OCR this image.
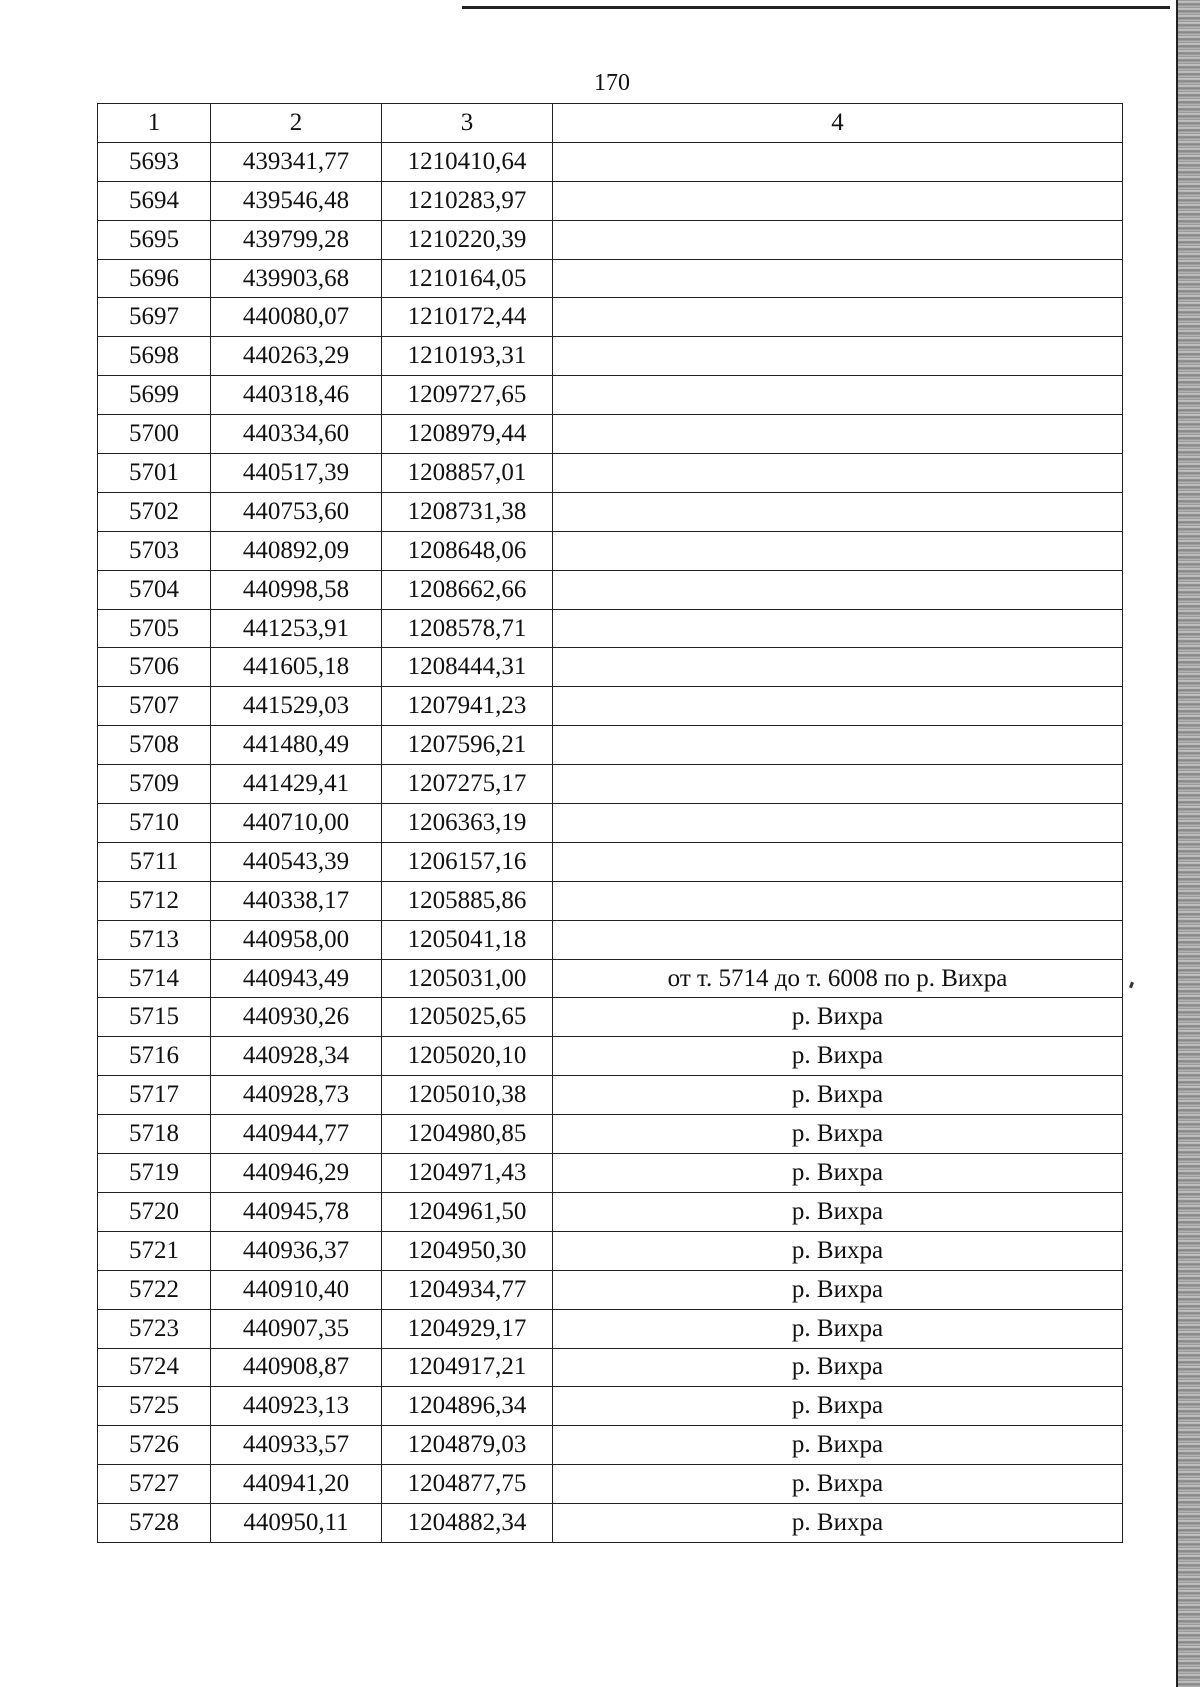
170
1	2	3	4
5693	439341,77	1210410,64	
5694	439546,48	1210283,97	
5695	439799,28	1210220,39	
5696	439903,68	1210164,05	
5697	440080,07	1210172,44	
5698	440263,29	1210193,31	
5699	440318,46	1209727,65	
5700	440334,60	1208979,44	
5701	440517,39	1208857,01	
5702	440753,60	1208731,38	
5703	440892,09	1208648,06	
5704	440998,58	1208662,66	
5705	441253,91	1208578,71	
5706	441605,18	1208444,31	
5707	441529,03	1207941,23	
5708	441480,49	1207596,21	
5709	441429,41	1207275,17	
5710	440710,00	1206363,19	
5711	440543,39	1206157,16	
5712	440338,17	1205885,86	
5713	440958,00	1205041,18	
5714	440943,49	1205031,00	от т. 5714 до т. 6008 по р. Вихра
5715	440930,26	1205025,65	р. Вихра
5716	440928,34	1205020,10	р. Вихра
5717	440928,73	1205010,38	р. Вихра
5718	440944,77	1204980,85	р. Вихра
5719	440946,29	1204971,43	р. Вихра
5720	440945,78	1204961,50	р. Вихра
5721	440936,37	1204950,30	р. Вихра
5722	440910,40	1204934,77	р. Вихра
5723	440907,35	1204929,17	р. Вихра
5724	440908,87	1204917,21	р. Вихра
5725	440923,13	1204896,34	р. Вихра
5726	440933,57	1204879,03	р. Вихра
5727	440941,20	1204877,75	р. Вихра
5728	440950,11	1204882,34	р. Вихра
